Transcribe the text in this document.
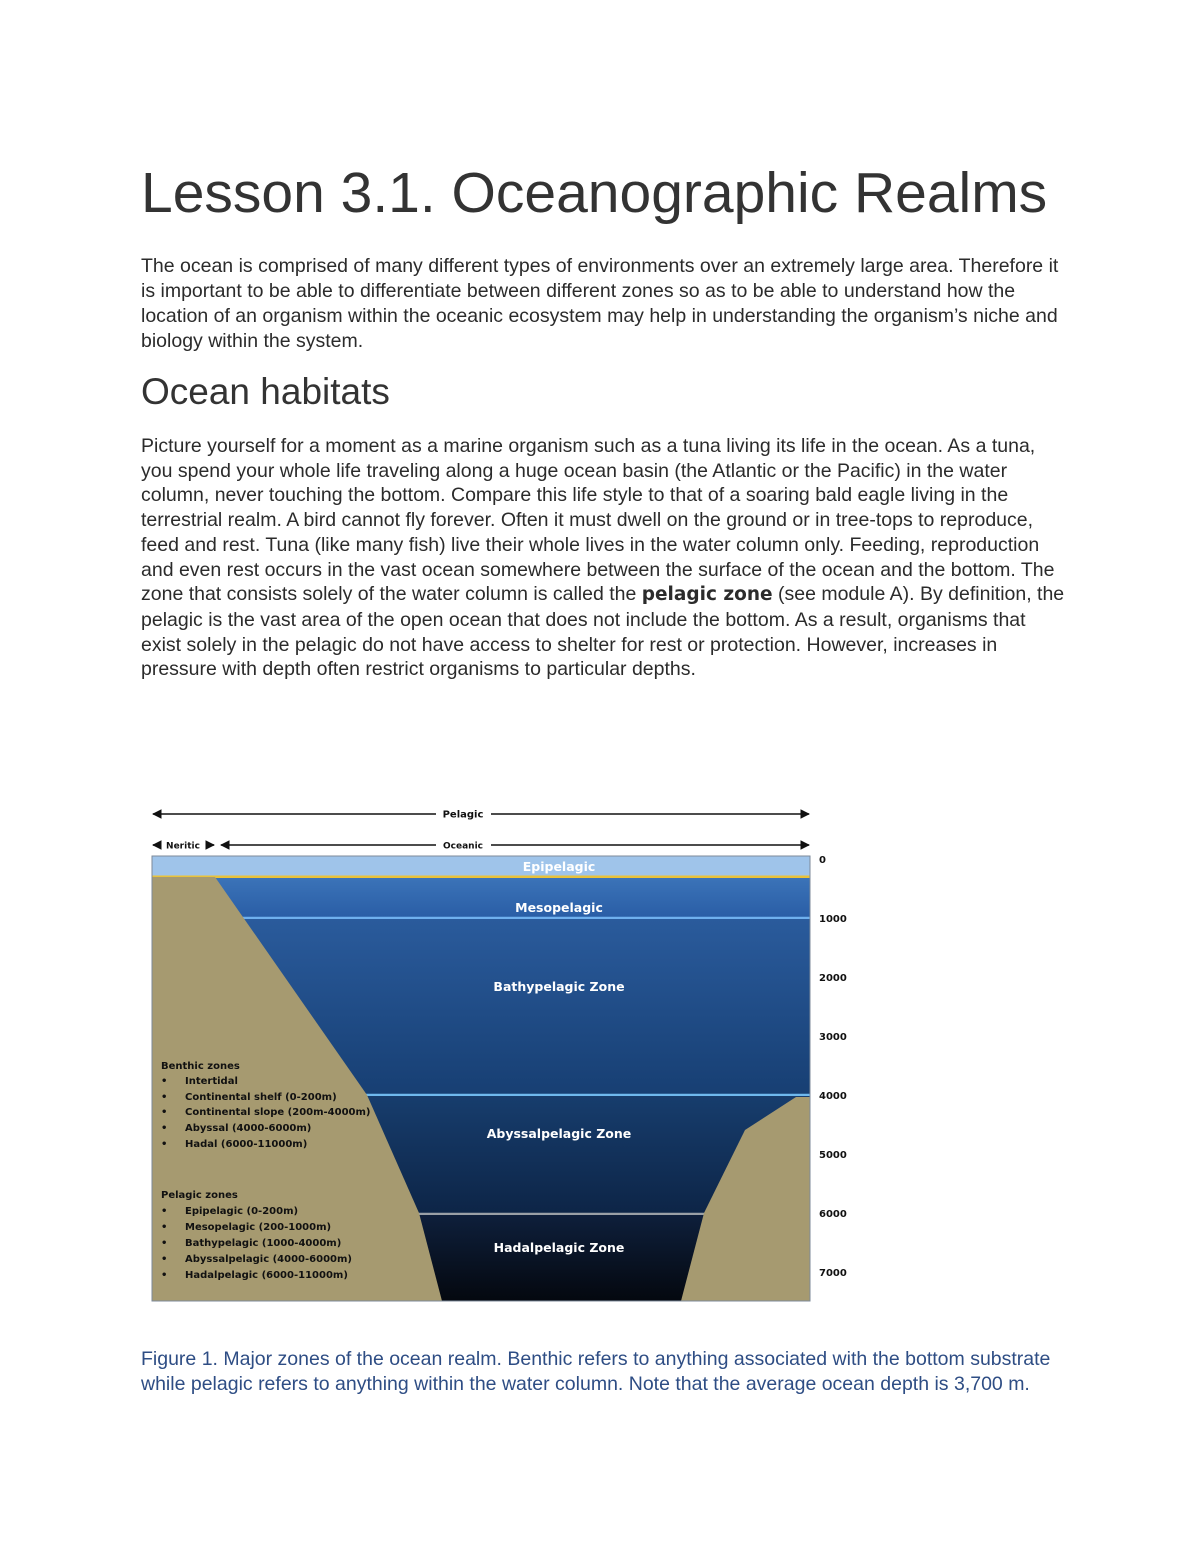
Lesson 3.1. Oceanographic Realms

The ocean is comprised of many different types of environments over an extremely large area. Therefore it is important to be able to differentiate between different zones so as to be able to understand how the location of an organism within the oceanic ecosystem may help in understanding the organism’s niche and biology within the system.

Ocean habitats

Picture yourself for a moment as a marine organism such as a tuna living its life in the ocean. As a tuna, you spend your whole life traveling along a huge ocean basin (the Atlantic or the Pacific) in the water column, never touching the bottom. Compare this life style to that of a soaring bald eagle living in the terrestrial realm. A bird cannot fly forever. Often it must dwell on the ground or in tree-tops to reproduce, feed and rest. Tuna (like many fish) live their whole lives in the water column only. Feeding, reproduction and even rest occurs in the vast ocean somewhere between the surface of the ocean and the bottom. The zone that consists solely of the water column is called the pelagic zone (see module A). By definition, the pelagic is the vast area of the open ocean that does not include the bottom. As a result, organisms that exist solely in the pelagic do not have access to shelter for rest or protection. However, increases in pressure with depth often restrict organisms to particular depths.

Pelagic
Neritic	Oceanic
Epipelagic
Mesopelagic
Bathypelagic Zone
Abyssalpelagic Zone
Hadalpelagic Zone
0
1000
2000
3000
4000
5000
6000
7000
Benthic zones
• Intertidal
• Continental shelf (0-200m)
• Continental slope (200m-4000m)
• Abyssal (4000-6000m)
• Hadal (6000-11000m)
Pelagic zones
• Epipelagic (0-200m)
• Mesopelagic (200-1000m)
• Bathypelagic (1000-4000m)
• Abyssalpelagic (4000-6000m)
• Hadalpelagic (6000-11000m)

Figure 1. Major zones of the ocean realm. Benthic refers to anything associated with the bottom substrate while pelagic refers to anything within the water column. Note that the average ocean depth is 3,700 m.
